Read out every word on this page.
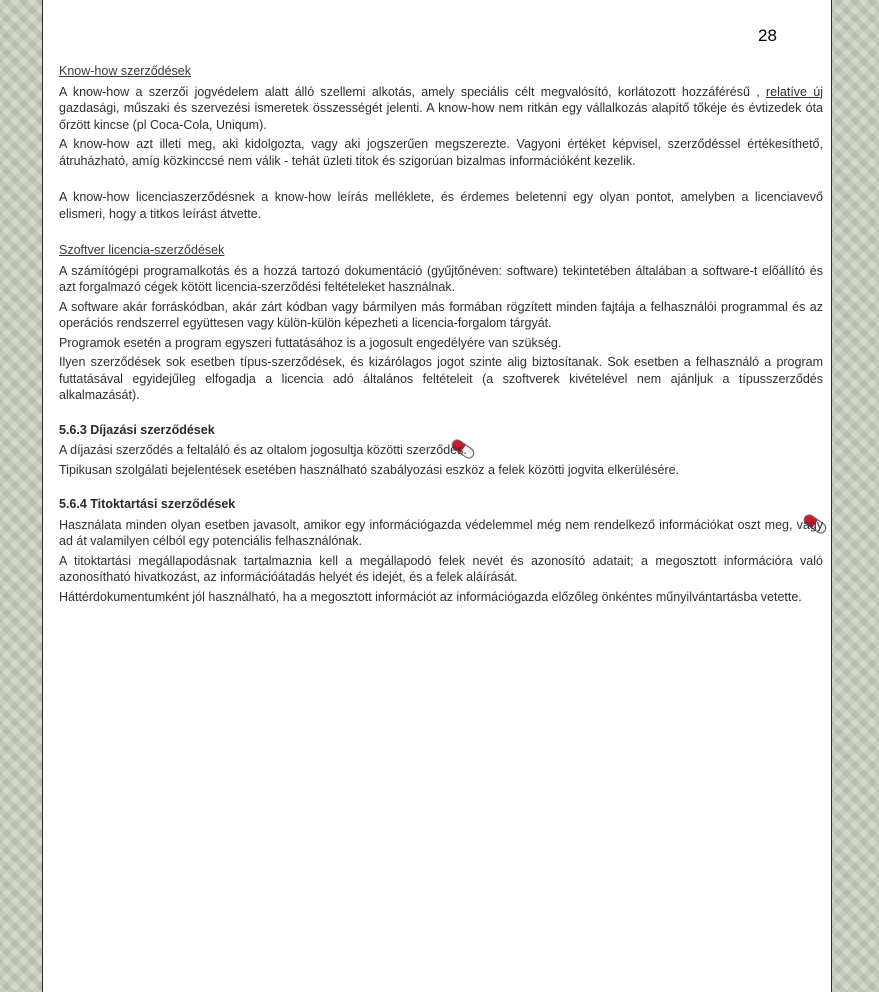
28
Know-how szerződések

A know-how a szerzői jogvédelem alatt álló szellemi alkotás, amely speciális célt megvalósító, korlátozott hozzáférésű , relatíve új gazdasági, műszaki és szervezési ismeretek összességét jelenti. A know-how nem ritkán egy vállalkozás alapítő tőkéje és évtizedek óta őrzött kincse (pl Coca-Cola, Uniqum).

A know-how azt illeti meg, aki kidolgozta, vagy aki jogszerűen megszerezte. Vagyoni értéket képvisel, szerződéssel értékesíthető, átruházható, amíg közkinccsé nem válik - tehát üzleti titok és szigorúan bizalmas információként kezelik.

A know-how licenciaszerződésnek a know-how leírás melléklete, és érdemes beletenni egy olyan pontot, amelyben a licenciavevő elismeri, hogy a titkos leírást átvette.

Szoftver licencia-szerződések

A számítógépi programalkotás és a hozzá tartozó dokumentáció (gyűjtőnéven: software) tekintetében általában a software-t előállító és azt forgalmazó cégek kötött licencia-szerződési feltételeket használnak.

A software akár forráskódban, akár zárt kódban vagy bármilyen más formában rögzített minden fajtája a felhasználói programmal és az operációs rendszerrel együttesen vagy külön-külön képezheti a licencia-forgalom tárgyát.

Programok esetén a program egyszeri futtatásához is a jogosult engedélyére van szükség.

Ilyen szerződések sok esetben típus-szerződések, és kizárólagos jogot szinte alig biztosítanak. Sok esetben a felhasználó a program futtatásával egyidejűleg elfogadja a licencia adó általános feltételeit (a szoftverek kivételével nem ajánljuk a típusszerződés alkalmazását).

5.6.3 Díjazási szerződések

A díjazási szerződés a feltaláló és az oltalom jogosultja közötti szerződés.

Tipikusan szolgálati bejelentések esetében használható szabályozási eszköz a felek közötti jogvita elkerülésére.

5.6.4 Titoktartási szerződések

Használata minden olyan esetben javasolt, amikor egy információgazda védelemmel még nem rendelkező információkat oszt meg, vagy ad át valamilyen célból egy potenciális felhasználónak.

A titoktartási megállapodásnak tartalmaznia kell a megállapodó felek nevét és azonosító adatait; a megosztott információra való azonosítható hivatkozást, az információátadás helyét és idejét, és a felek aláírását.

Háttérdokumentumként jól használható, ha a megosztott információt az információgazda előzőleg önkéntes műnyilvántartásba vetette.
